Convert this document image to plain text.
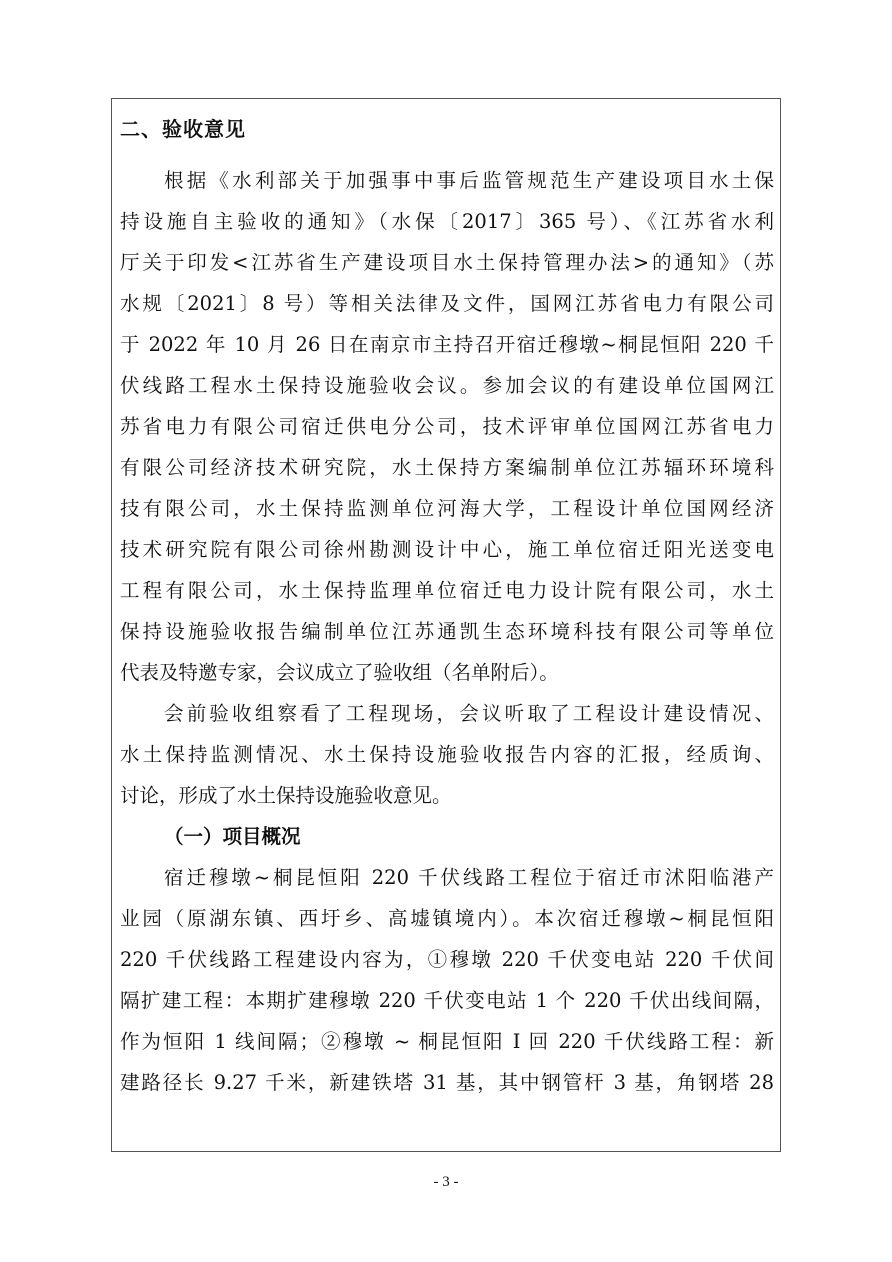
二、验收意见
根据《水利部关于加强事中事后监管规范生产建设项目水土保
持设施自主验收的通知》（水保〔2017〕365 号）、《江苏省水利
厅关于印发<江苏省生产建设项目水土保持管理办法>的通知》（苏
水规〔2021〕8 号）等相关法律及文件，国网江苏省电力有限公司
于 2022 年 10 月 26 日在南京市主持召开宿迁穆墩~桐昆恒阳 220 千
伏线路工程水土保持设施验收会议。参加会议的有建设单位国网江
苏省电力有限公司宿迁供电分公司，技术评审单位国网江苏省电力
有限公司经济技术研究院，水土保持方案编制单位江苏辐环环境科
技有限公司，水土保持监测单位河海大学，工程设计单位国网经济
技术研究院有限公司徐州勘测设计中心，施工单位宿迁阳光送变电
工程有限公司，水土保持监理单位宿迁电力设计院有限公司，水土
保持设施验收报告编制单位江苏通凯生态环境科技有限公司等单位
代表及特邀专家，会议成立了验收组（名单附后）。
会前验收组察看了工程现场，会议听取了工程设计建设情况、
水土保持监测情况、水土保持设施验收报告内容的汇报，经质询、
讨论，形成了水土保持设施验收意见。
（一）项目概况
宿迁穆墩~桐昆恒阳 220 千伏线路工程位于宿迁市沭阳临港产
业园（原湖东镇、西圩乡、高墟镇境内）。本次宿迁穆墩~桐昆恒阳
220 千伏线路工程建设内容为，①穆墩 220 千伏变电站 220 千伏间
隔扩建工程：本期扩建穆墩 220 千伏变电站 1 个 220 千伏出线间隔，
作为恒阳 1 线间隔；②穆墩 ~ 桐昆恒阳 I 回 220 千伏线路工程：新
建路径长 9.27 千米，新建铁塔 31 基，其中钢管杆 3 基，角钢塔 28
- 3 -
